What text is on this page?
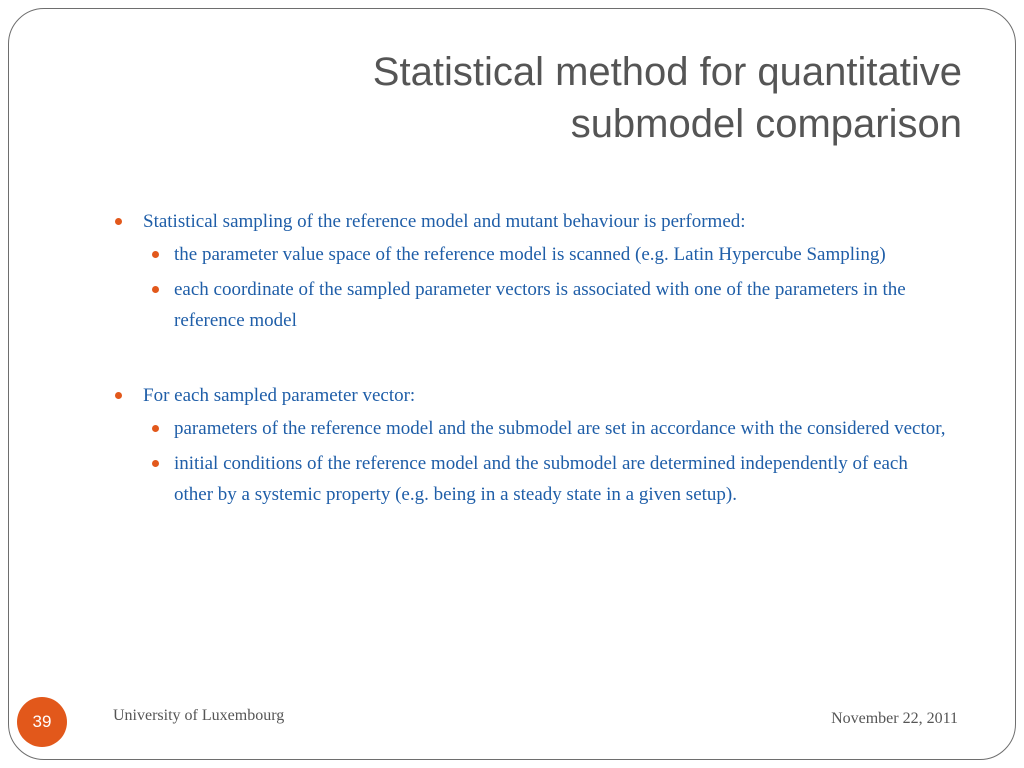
Statistical method for quantitative
submodel comparison
Statistical sampling of the reference model and mutant behaviour is performed:
the parameter value space of the reference model is scanned (e.g. Latin Hypercube Sampling)
each coordinate of the sampled parameter vectors is associated with one of the parameters in the reference model
For each sampled parameter vector:
parameters of the reference model and the submodel are set in accordance with the considered vector,
initial conditions of the reference model and the submodel are determined independently of each other by a systemic property (e.g. being in a steady state in a given setup).
39	University of Luxembourg	November 22, 2011
